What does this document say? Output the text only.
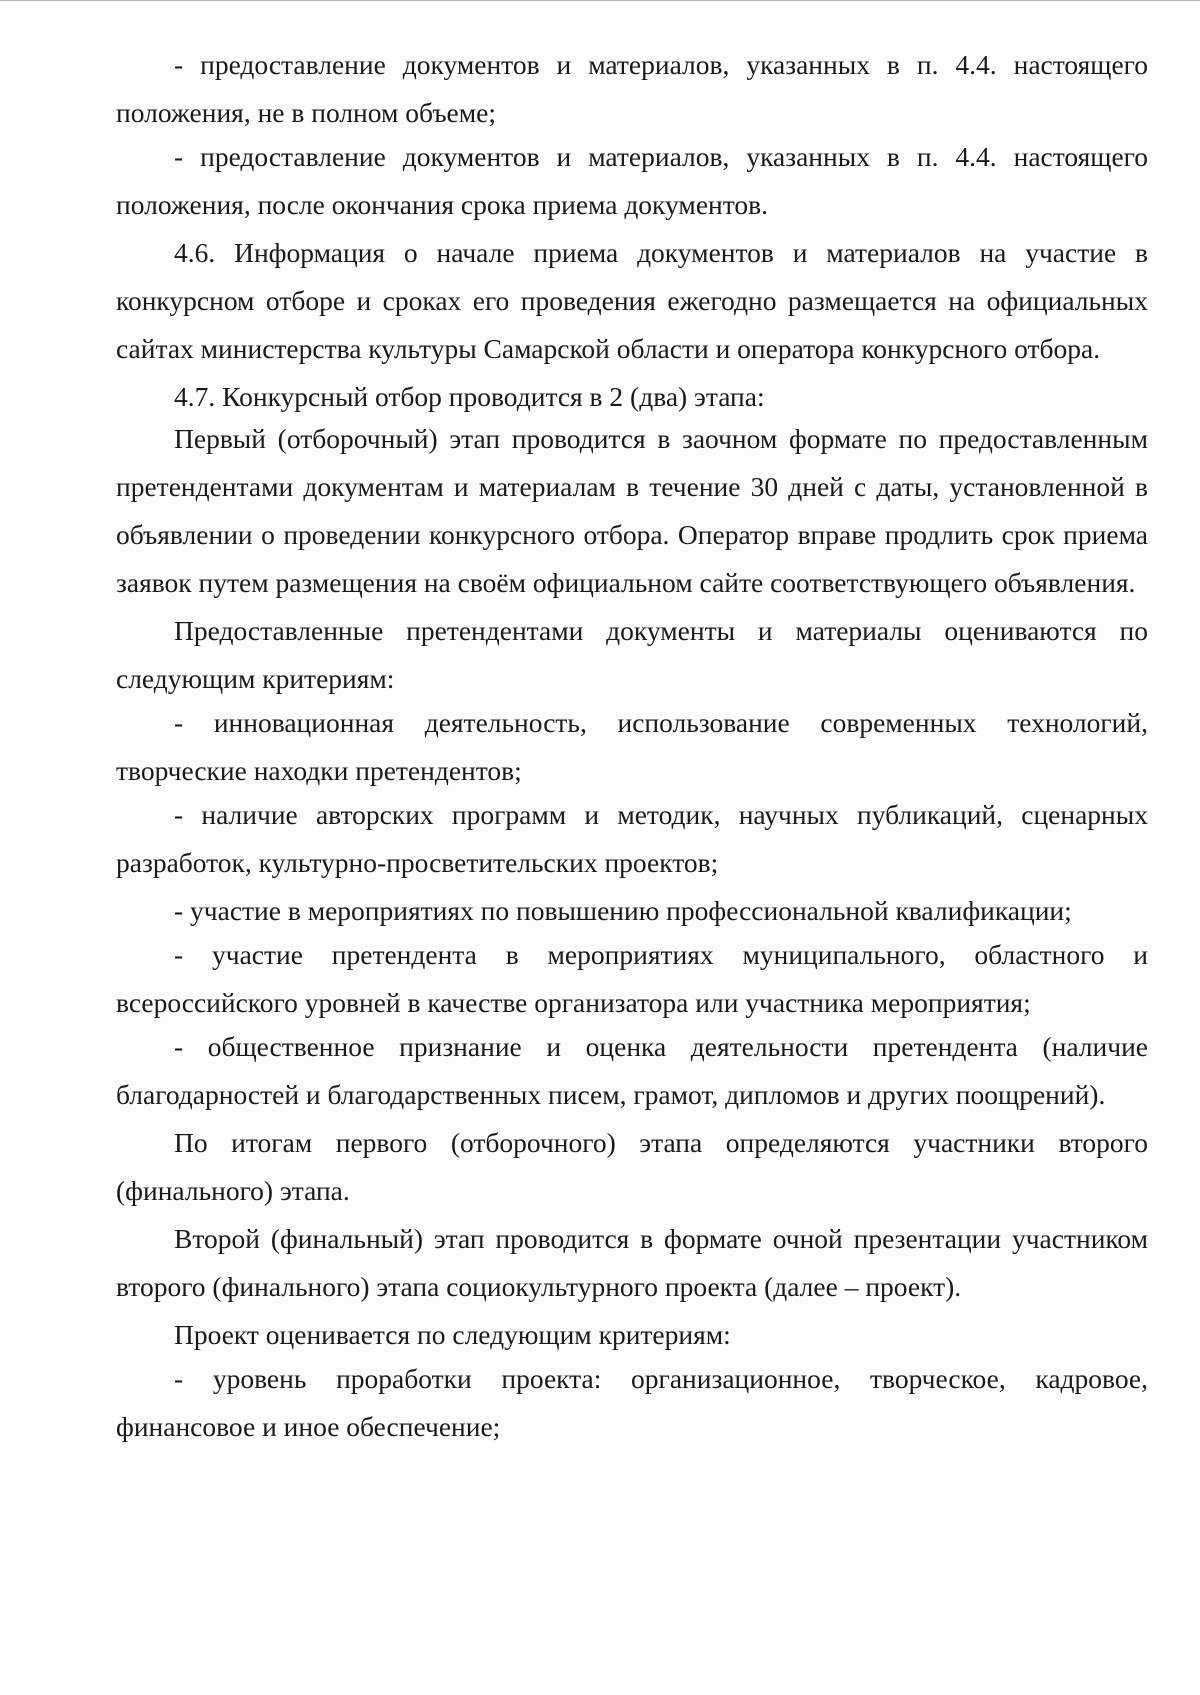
- предоставление документов и материалов, указанных в п. 4.4. настоящего положения, не в полном объеме;

- предоставление документов и материалов, указанных в п. 4.4. настоящего положения, после окончания срока приема документов.

4.6. Информация о начале приема документов и материалов на участие в конкурсном отборе и сроках его проведения ежегодно размещается на официальных сайтах министерства культуры Самарской области и оператора конкурсного отбора.

4.7. Конкурсный отбор проводится в 2 (два) этапа:

Первый (отборочный) этап проводится в заочном формате по предоставленным претендентами документам и материалам в течение 30 дней с даты, установленной в объявлении о проведении конкурсного отбора. Оператор вправе продлить срок приема заявок путем размещения на своём официальном сайте соответствующего объявления.

Предоставленные претендентами документы и материалы оцениваются по следующим критериям:

- инновационная деятельность, использование современных технологий, творческие находки претендентов;

- наличие авторских программ и методик, научных публикаций, сценарных разработок, культурно-просветительских проектов;

- участие в мероприятиях по повышению профессиональной квалификации;

- участие претендента в мероприятиях муниципального, областного и всероссийского уровней в качестве организатора или участника мероприятия;

- общественное признание и оценка деятельности претендента (наличие благодарностей и благодарственных писем, грамот, дипломов и других поощрений).

По итогам первого (отборочного) этапа определяются участники второго (финального) этапа.

Второй (финальный) этап проводится в формате очной презентации участником второго (финального) этапа социокультурного проекта (далее – проект).

Проект оценивается по следующим критериям:

- уровень проработки проекта: организационное, творческое, кадровое, финансовое и иное обеспечение;
